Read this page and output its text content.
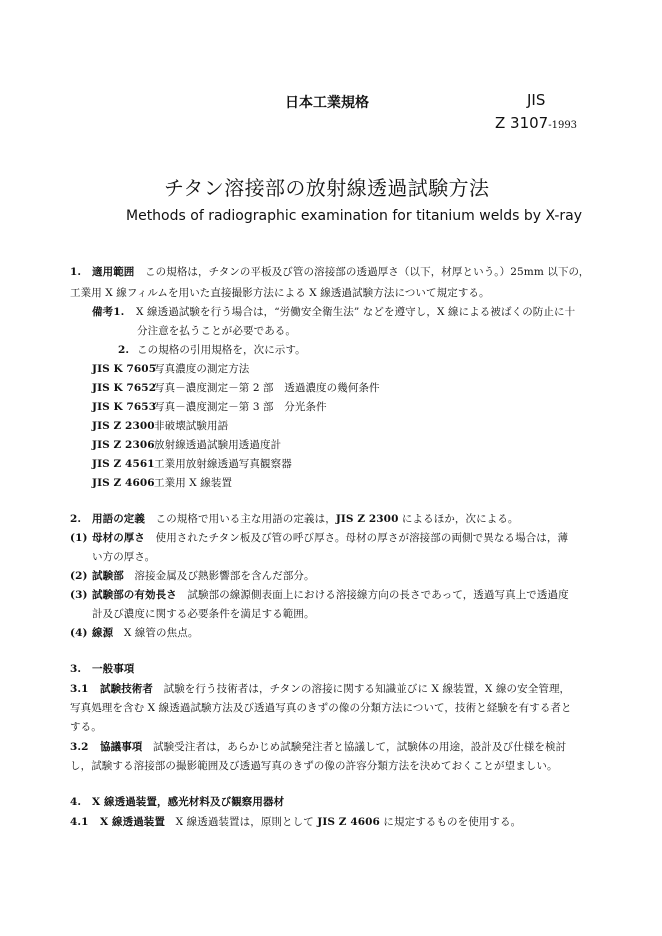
日本工業規格	JIS
Z 3107-1993
チタン溶接部の放射線透過試験方法
Methods of radiographic examination for titanium welds by X-ray
1. 適用範囲　 この規格は，チタンの平板及び管の溶接部の透過厚さ（以下，材厚という。）25mm 以下の，
工業用 X 線フィルムを用いた直接撮影方法による X 線透過試験方法について規定する。
備考1. X 線透過試験を行う場合は，“労働安全衛生法” などを遵守し，X 線による被ばくの防止に十
分注意を払うことが必要である。
2. この規格の引用規格を，次に示す。
JIS K 7605写真濃度の測定方法
JIS K 7652写真－濃度測定－第 2 部　透過濃度の幾何条件
JIS K 7653写真－濃度測定－第 3 部　分光条件
JIS Z 2300非破壊試験用語
JIS Z 2306放射線透過試験用透過度計
JIS Z 4561工業用放射線透過写真観察器
JIS Z 4606工業用 X 線装置
2. 用語の定義　 この規格で用いる主な用語の定義は，JIS Z 2300 によるほか，次による。
(1) 母材の厚さ　 使用されたチタン板及び管の呼び厚さ。母材の厚さが溶接部の両側で異なる場合は，薄
い方の厚さ。
(2) 試験部　 溶接金属及び熱影響部を含んだ部分。
(3) 試験部の有効長さ　 試験部の線源側表面上における溶接線方向の長さであって，透過写真上で透過度
計及び濃度に関する必要条件を満足する範囲。
(4) 線源　 X 線管の焦点。
3. 一般事項
3.1 試験技術者　 試験を行う技術者は，チタンの溶接に関する知識並びに X 線装置，X 線の安全管理，
写真処理を含む X 線透過試験方法及び透過写真のきずの像の分類方法について，技術と経験を有する者と
する。
3.2 協議事項　 試験受注者は，あらかじめ試験発注者と協議して，試験体の用途，設計及び仕様を検討
し，試験する溶接部の撮影範囲及び透過写真のきずの像の許容分類方法を決めておくことが望ましい。
4. X 線透過装置，感光材料及び観察用器材
4.1 X 線透過装置　 X 線透過装置は，原則として JIS Z 4606 に規定するものを使用する。
